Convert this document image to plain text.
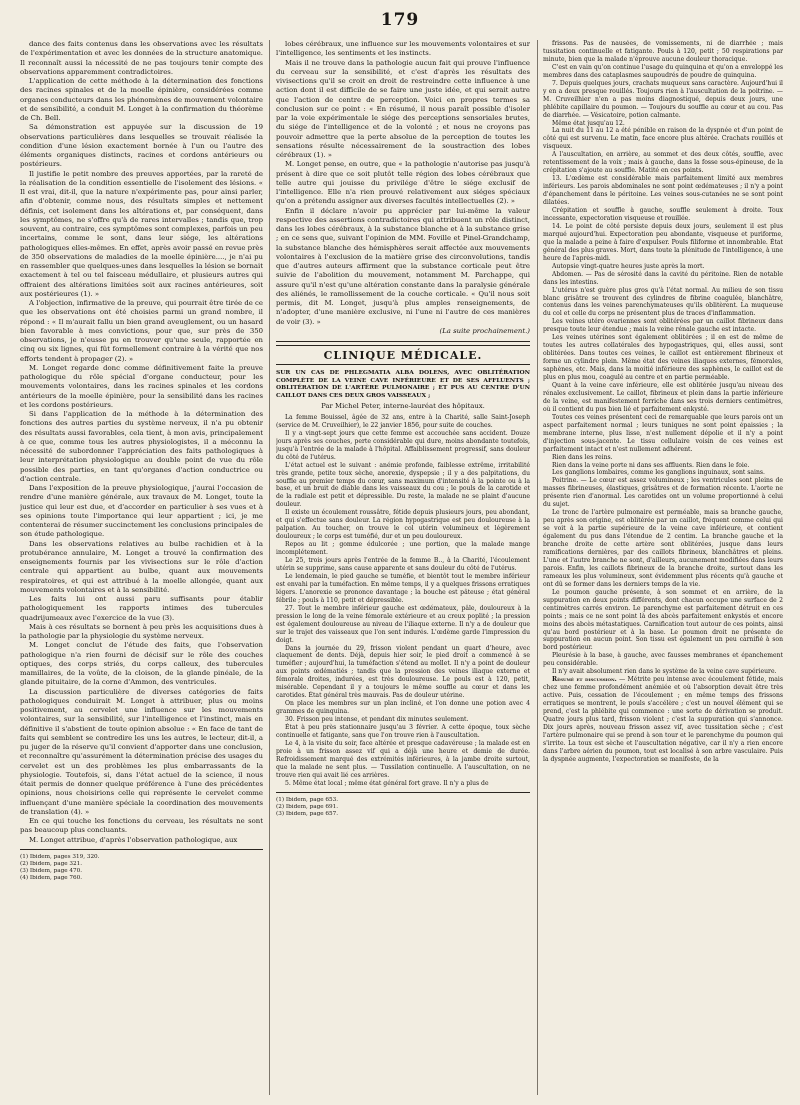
179

dance des faits contenus dans les observations avec les résultats de l'expérimentation et avec les données de la structure anatomique. Il reconnaît aussi la nécessité de ne pas toujours tenir compte des observations apparemment contradictoires.

L'application de cette méthode à la détermination des fonctions des racines spinales et de la moelle épinière, considérées comme organes conducteurs dans les phénomènes de mouvement volontaire et de sensibilité, a conduit M. Longet à la confirmation du théorème de Ch. Bell.

Sa démonstration est appuyée sur la discussion de 19 observations particulières dans lesquelles se trouvait réalisée la condition d'une lésion exactement bornée à l'un ou l'autre des éléments organiques distincts, racines et cordons antérieurs ou postérieurs.

Il justifie le petit nombre des preuves apportées, par la rareté de la réalisation de la condition essentielle de l'isolement des lésions. « Il est vrai, dit-il, que la nature n'expérimente pas, pour ainsi parler, afin d'obtenir, comme nous, des résultats simples et nettement définis, cet isolement dans les altérations et, par conséquent, dans les symptômes, ne s'offre qu'à de rares intervalles ; tandis que, trop souvent, au contraire, ces symptômes sont complexes, parfois un peu incertains, comme le sont, dans leur siége, les altérations pathologiques elles-mêmes. En effet, après avoir passé en revue près de 350 observations de maladies de la moelle épinière...., je n'ai pu en rassembler que quelques-unes dans lesquelles la lésion se bornait exactement à tel ou tel faisceau médullaire, et plusieurs autres qui offraient des altérations limitées soit aux racines antérieures, soit aux postérieures (1). »

A l'objection, infirmative de la preuve, qui pourrait être tirée de ce que les observations ont été choisies parmi un grand nombre, il répond : « Il m'aurait fallu un bien grand aveuglement, ou un hasard bien favorable à mes convictions, pour que, sur près de 350 observations, je n'eusse pu en trouver qu'une seule, rapportée en cinq ou six lignes, qui fût formellement contraire à la vérité que nos efforts tendent à propager (2). »

M. Longet regarde donc comme définitivement faite la preuve pathologique du rôle spécial d'organe conducteur, pour les mouvements volontaires, dans les racines spinales et les cordons antérieurs de la moelle épinière, pour la sensibilité dans les racines et les cordons postérieurs.

Si dans l'application de la méthode à la détermination des fonctions des autres parties du système nerveux, il n'a pu obtenir des résultats aussi favorables, cela tient, à mon avis, principalement à ce que, comme tous les autres physiologistes, il a méconnu la nécessité de subordonner l'appréciation des faits pathologiques à leur interprétation physiologique au double point de vue du rôle possible des parties, en tant qu'organes d'action conductrice ou d'action centrale.

Dans l'exposition de la preuve physiologique, j'aurai l'occasion de rendre d'une manière générale, aux travaux de M. Longet, toute la justice qui leur est due, et d'accorder en particulier à ses vues et à ses opinions toute l'importance qui leur appartient ; ici, je me contenterai de résumer succinctement les conclusions principales de son étude pathologique.

Dans les observations relatives au bulbe rachidien et à la protubérance annulaire, M. Longet a trouvé la confirmation des enseignements fournis par les vivisections sur le rôle d'action centrale qui appartient au bulbe, quant aux mouvements respiratoires, et qui est attribué à la moelle allongée, quant aux mouvements volontaires et à la sensibilité.

Les faits lui ont aussi paru suffisants pour établir pathologiquement les rapports intimes des tubercules quadrijumeaux avec l'exercice de la vue (3).

Mais à ces résultats se bornent à peu près les acquisitions dues à la pathologie par la physiologie du système nerveux.

M. Longet conclut de l'étude des faits, que l'observation pathologique n'a rien fourni de décisif sur le rôle des couches optiques, des corps striés, du corps calleux, des tubercules mamillaires, de la voûte, de la cloison, de la glande pinéale, de la glande pituitaire, de la corne d'Ammon, des ventricules.

La discussion particulière de diverses catégories de faits pathologiques conduirait M. Longet à attribuer, plus ou moins positivement, au cervelet une influence sur les mouvements volontaires, sur la sensibilité, sur l'intelligence et l'instinct, mais en définitive il s'abstient de toute opinion absolue : « En face de tant de faits qui semblent se contredire les uns les autres, le lecteur, dit-il, a pu juger de la réserve qu'il convient d'apporter dans une conclusion, et reconnaître qu'assurément la détermination précise des usages du cervelet est un des problèmes les plus embarrassants de la physiologie. Toutefois, si, dans l'état actuel de la science, il nous était permis de donner quelque préférence à l'une des précédentes opinions, nous choisirions celle qui représente le cervelet comme influençant d'une manière spéciale la coordination des mouvements de translation (4). »

En ce qui touche les fonctions du cerveau, les résultats ne sont pas beaucoup plus concluants.

M. Longet attribue, d'après l'observation pathologique, aux

(1) Ibidem, pages 319, 320.

(2) Ibidem, page 321.

(3) Ibidem, page 470.

(4) Ibidem, page 760.

lobes cérébraux, une influence sur les mouvements volontaires et sur l'intelligence, les sentiments et les instincts.

Mais il ne trouve dans la pathologie aucun fait qui prouve l'influence du cerveau sur la sensibilité, et c'est d'après les résultats des vivisections qu'il se croit en droit de restreindre cette influence à une action dont il est difficile de se faire une juste idée, et qui serait autre que l'action de centre de perception. Voici en propres termes sa conclusion sur ce point : « En résumé, il nous paraît possible d'isoler par la voie expérimentale le siége des perceptions sensoriales brutes, du siége de l'intelligence et de la volonté ; et nous ne croyons pas pouvoir admettre que la perte absolue de la perception de toutes les sensations résulte nécessairement de la soustraction des lobes cérébraux (1). »

M. Longet pense, en outre, que « la pathologie n'autorise pas jusqu'à présent à dire que ce soit plutôt telle région des lobes cérébraux que telle autre qui jouisse du privilége d'être le siége exclusif de l'intelligence. Elle n'a rien prouvé relativement aux siéges spéciaux qu'on a prétendu assigner aux diverses facultés intellectuelles (2). »

Enfin il déclare n'avoir pu apprécier par lui-même la valeur respective des assertions contradictoires qui attribuent un rôle distinct, dans les lobes cérébraux, à la substance blanche et à la substance grise ; en ce sens que, suivant l'opinion de MM. Foville et Pinel-Grandchamp, la substance blanche des hémisphères serait affectée aux mouvements volontaires à l'exclusion de la matière grise des circonvolutions, tandis que d'autres auteurs affirment que la substance corticale peut être suivie de l'abolition du mouvement, notamment M. Parchappe, qui assure qu'il n'est qu'une altération constante dans la paralysie générale des aliénés, le ramollissement de la couche corticale. « Qu'il nous soit permis, dit M. Longet, jusqu'à plus amples renseignements, de n'adopter, d'une manière exclusive, ni l'une ni l'autre de ces manières de voir (3). »

(La suite prochainement.)

CLINIQUE MÉDICALE.

SUR UN CAS DE PHLEGMATIA ALBA DOLENS, AVEC OBLITÉRATION COMPLÈTE DE LA VEINE CAVE INFÉRIEURE ET DE SES AFFLUENTS ; OBLITÉRATION DE L'ARTÈRE PULMONAIRE ; ET PUS AU CENTRE D'UN CAILLOT DANS CES DEUX GROS VAISSEAUX ;

Par Michel Peter, interne-lauréat des hôpitaux.

La femme Bouissel, âgée de 32 ans, entre à la Charité, salle Saint-Joseph (service de M. Cruveilhier), le 22 janvier 1856, pour suite de couches.

Il y a vingt-sept jours que cette femme est accouchée sans accident. Douze jours après ses couches, perte considérable qui dure, moins abondante toutefois, jusqu'à l'entrée de la malade à l'hôpital. Affaiblissement progressif, sans douleur du côté de l'utérus.

L'état actuel est le suivant : anémie profonde, faiblesse extrême, irritabilité très grande, petite toux sèche, anorexie, dyspepsie ; il y a des palpitations, du souffle au premier temps du cœur, sans maximum d'intensité à la pointe ou à la base, et un bruit de diable dans les vaisseaux du cou ; le pouls de la carotide et de la radiale est petit et dépressible. Du reste, la malade ne se plaint d'aucune douleur.

Il existe un écoulement roussâtre, fétide depuis plusieurs jours, peu abondant, et qui s'effectue sans douleur. La région hypogastrique est peu douloureuse à la palpation. Au toucher, on trouve le col utérin volumineux et légèrement douloureux ; le corps est tuméfié, dur et un peu douloureux.

Repos au lit ; gomme édulcorée ; une portion, que la malade mange incomplétement.

Le 25, trois jours après l'entrée de la femme B.., à la Charité, l'écoulement utérin se supprime, sans cause apparente et sans douleur du côté de l'utérus.

Le lendemain, le pied gauche se tuméfie, et bientôt tout le membre inférieur est envahi par la tuméfaction. En même temps, il y a quelques frissons erratiques légers. L'anorexie se prononce davantage ; la bouche est pâteuse ; état général fébrile ; pouls à 110, petit et dépressible.

27. Tout le membre inférieur gauche est œdémateux, pâle, douloureux à la pression le long de la veine fémorale extérieure et au creux poplité ; la pression est également douloureuse au niveau de l'iliaque externe. Il n'y a de douleur que sur le trajet des vaisseaux que l'on sent indurés. L'œdème garde l'impression du doigt.

Dans la journée du 29, frisson violent pendant un quart d'heure, avec claquement de dents. Déjà, depuis hier soir, le pied droit a commencé à se tuméfier ; aujourd'hui, la tuméfaction s'étend au mollet. Il n'y a point de douleur aux points œdématiés ; tandis que la pression des veines iliaque externe et fémorale droites, indurées, est très douloureuse. Le pouls est à 120, petit, misérable. Cependant il y a toujours le même souffle au cœur et dans les carotides. État général très mauvais. Pas de douleur utérine.

On place les membres sur un plan incliné, et l'on donne une potion avec 4 grammes de quinquina.

30. Frisson peu intense, et pendant dix minutes seulement.

État à peu près stationnaire jusqu'au 3 février. A cette époque, toux sèche continuelle et fatigante, sans que l'on trouve rien à l'auscultation.

Le 4, à la visite du soir, face altérée et presque cadavéreuse ; la malade est en proie à un frisson assez vif qui a déjà une heure et demie de durée. Refroidissement marqué des extrémités inférieures, à la jambe droite surtout, que la malade ne sent plus. — Tussilation continuelle. A l'auscultation, on ne trouve rien qui avait lié ces arrières.

5. Même état local ; même état général fort grave. Il n'y a plus de

(1) Ibidem, page 653.

(2) Ibidem, page 691.

(3) Ibidem, page 657.

frissons. Pas de nausées, de vomissements, ni de diarrhée ; mais tussitation continuelle et fatigante. Pouls à 120, petit ; 50 respirations par minute, bien que la malade n'éprouve aucune douleur thoracique.

C'est en vain qu'on continue l'usage du quinquina et qu'on a enveloppé les membres dans des cataplasmes saupoudrés de poudre de quinquina.

7. Depuis quelques jours, crachats muqueux sans caractère. Aujourd'hui il y en a deux presque rouillés. Toujours rien à l'auscultation de la poitrine. — M. Cruveilhier n'en a pas moins diagnostiqué, depuis deux jours, une phlébite capillaire du poumon. — Toujours du souffle au cœur et au cou. Pas de diarrhée. — Vésicatoire, potion calmante.

Même état jusqu'au 12.

La nuit du 11 au 12 a été pénible en raison de la dyspnée et d'un point de côté qui est survenu. Le matin, face encore plus altérée. Crachats rouillés et visqueux.

A l'auscultation, en arrière, au sommet et des deux côtés, souffle, avec retentissement de la voix ; mais à gauche, dans la fosse sous-épineuse, de la crépitation s'ajoute au souffle. Matité en ces points.

13. L'œdème est considérable mais parfaitement limité aux membres inférieurs. Les parois abdominales ne sont point œdémateuses ; il n'y a point d'épanchement dans le péritoine. Les veines sous-cutanées ne se sont point dilatées.

Crépitation et souffle à gauche, souffle seulement à droite. Toux incessante, expectoration visqueuse et rouillée.

14. Le point de côté persiste depuis deux jours, seulement il est plus marqué aujourd'hui. Expectoration peu abondante, visqueuse et puriforme, que la malade a peine à faire d'expulser. Pouls filiforme et innombrable. État général des plus graves. Mort, dans toute la plénitude de l'intelligence, à une heure de l'après-midi.

Autopsie vingt-quatre heures juste après la mort.

Abdomen. — Pas de sérosité dans la cavité du péritoine. Rien de notable dans les intestins.

L'utérus n'est guère plus gros qu'à l'état normal. Au milieu de son tissu blanc grisâtre se trouvent des cylindres de fibrine coagulée, blanchâtre, contenus dans les veines parenchymateuses qu'ils oblitèrent. La muqueuse du col et celle du corps ne présentent plus de traces d'inflammation.

Les veines utéro ovariennes sont oblitérées par un caillot fibrineux dans presque toute leur étendue ; mais la veine rénale gauche est intacte.

Les veines utérines sont également oblitérées ; il en est de même de toutes les autres collatérales des hypogastriques, qui, elles aussi, sont oblitérées. Dans toutes ces veines, le caillot est entièrement fibrineux et forme un cylindre plein. Même état des veines iliaques externes, fémorales, saphènes, etc. Mais, dans la moitié inférieure des saphènes, le caillot est de plus en plus mou, coagulé au centre et en partie perméable.

Quant à la veine cave inférieure, elle est oblitérée jusqu'au niveau des rénales exclusivement. Le caillot, fibrineux et plein dans la partie inférieure de la veine, est manifestement ferriche dans ses trois derniers centimètres, où il contient du pus bien lié et parfaitement enkysté.

Toutes ces veines présentent ceci de remarquable que leurs parois ont un aspect parfaitement normal ; leurs tuniques ne sont point épaissies ; la membrane interne, plus lisse, n'est nullement dépolie et il n'y a point d'injection sous-jacente. Le tissu cellulaire voisin de ces veines est parfaitement intact et n'est nullement adhérent.

Rien dans les reins.

Rien dans la veine porte ni dans ses affluents. Rien dans le foie.

Les ganglions lombaires, comme les ganglions inguinaux, sont sains.

Poitrine. — Le cœur est assez volumineux ; les ventricules sont pleins de masses fibrineuses, élastiques, grisâtres et de formation récente. L'aorte ne présente rien d'anormal. Les carotides ont un volume proportionné à celui du sujet.

Le tronc de l'artère pulmonaire est perméable, mais sa branche gauche, peu après son origine, est oblitérée par un caillot, fréquent comme celui qui se voit à la partie supérieure de la veine cave inférieure, et contient également du pus dans l'étendue de 2 centim. La branche gauche et la branche droite de cette artère sont oblitérées, jusque dans leurs ramifications dernières, par des caillots fibrineux, blanchâtres et pleins. L'une et l'autre branche ne sont, d'ailleurs, aucunement modifiées dans leurs parois. Enfin, les caillots fibrineux de la branche droite, surtout dans les rameaux les plus volumineux, sont évidemment plus récents qu'à gauche et ont dû se former dans les derniers temps de la vie.

Le poumon gauche présente, à son sommet et en arrière, de la suppuration en deux points différents, dont chacun occupe une surface de 2 centimètres carrés environ. Le parenchyme est parfaitement détruit en ces points ; mais ce ne sont point là des abcès parfaitement enkystés et encore moins des abcès métastatiques. Carnification tout autour de ces points, ainsi qu'au bord postérieur et à la base. Le poumon droit ne présente de suppuration en aucun point. Son tissu est également un peu carnifié à son bord postérieur.

Pleurésie à la base, à gauche, avec fausses membranes et épanchement peu considérable.

Il n'y avait absolument rien dans le système de la veine cave supérieure.

Résumé et discussion. — Métrite peu intense avec écoulement fétide, mais chez une femme profondément anémiée et où l'absorption devait être très active. Puis, cessation de l'écoulement ; en même temps des frissons erratiques se montrent, le pouls s'accélère ; c'est un nouvel élément qui se prend, c'est la phlébite qui commence : une sorte de dérivation se produit. Quatre jours plus tard, frisson violent ; c'est la suppuration qui s'annonce. Dix jours après, nouveau frisson assez vif, avec tussitation sèche ; c'est l'artère pulmonaire qui se prend à son tour et le parenchyme du poumon qui s'irrite. La toux est sèche et l'auscultation négative, car il n'y a rien encore dans l'arbre aérien du poumon, tout est localisé à son arbre vasculaire. Puis la dyspnée augmente, l'expectoration se manifeste, de la
